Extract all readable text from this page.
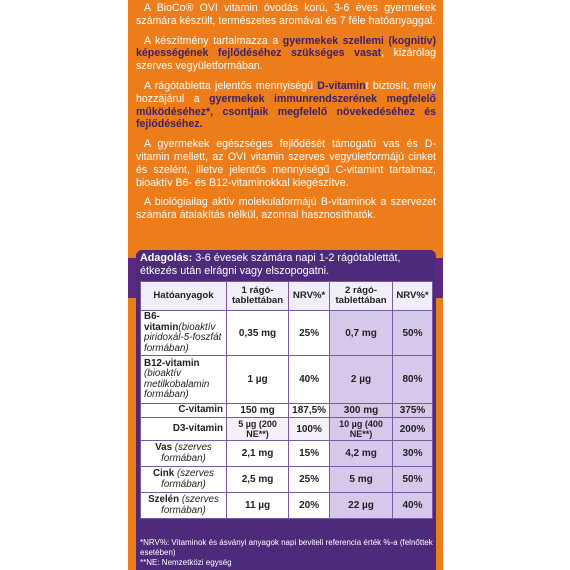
A BioCo® OVI vitamin óvodás korú, 3-6 éves gyermekek számára készült, természetes aromával és 7 féle hatóanyaggal.

A készítmény tartalmazza a gyermekek szellemi (kognitív) képességének fejlődéséhez szükséges vasat, kizárólag szerves vegyületformában.

A rágótabletta jelentős mennyiségű D-vitamint biztosít, mely hozzájárul a gyermekek immunrendszerének megfelelő működéséhez*, csontjaik megfelelő növekedéséhez és fejlődéséhez.

A gyermekek egészséges fejlődését támogatú vas és D-vitamin mellett, az OVI vitamin szerves vegyületformájú cinket és szelént, illetve jelentős mennyiségű C-vitamint tartalmaz, bioaktív B6- és B12-vitaminokkal kiegészítve.

A biológiailag aktív molekulaformájú B-vitaminok a szervezet számára átalakítás nélkül, azonnal hasznosíthatók.

Adagolás: 3-6 évesek számára napi 1-2 rágótablettát, étkezés után elrágni vagy elszopogatni.
Hatóanyagok	1 rágó-tablettában	NRV%*	2 rágó-tablettában	NRV%*
B6-vitamin(bioaktív piridoxál-5-foszfát formában)	0,35 mg	25%	0,7 mg	50%
B12-vitamin (bioaktív metilkobalamin formában)	1 µg	40%	2 µg	80%
C-vitamin	150 mg	187,5%	300 mg	375%
D3-vitamin	5 µg (200 NE**)	100%	10 µg (400 NE**)	200%
Vas (szerves formában)	2,1 mg	15%	4,2 mg	30%
Cink (szerves formában)	2,5 mg	25%	5 mg	50%
Szelén (szerves formában)	11 µg	20%	22 µg	40%
*NRV%: Vitaminok és ásványi anyagok napi beviteli referencia érték %-a (felnőttek esetében)
**NE: Nemzetközi egység
